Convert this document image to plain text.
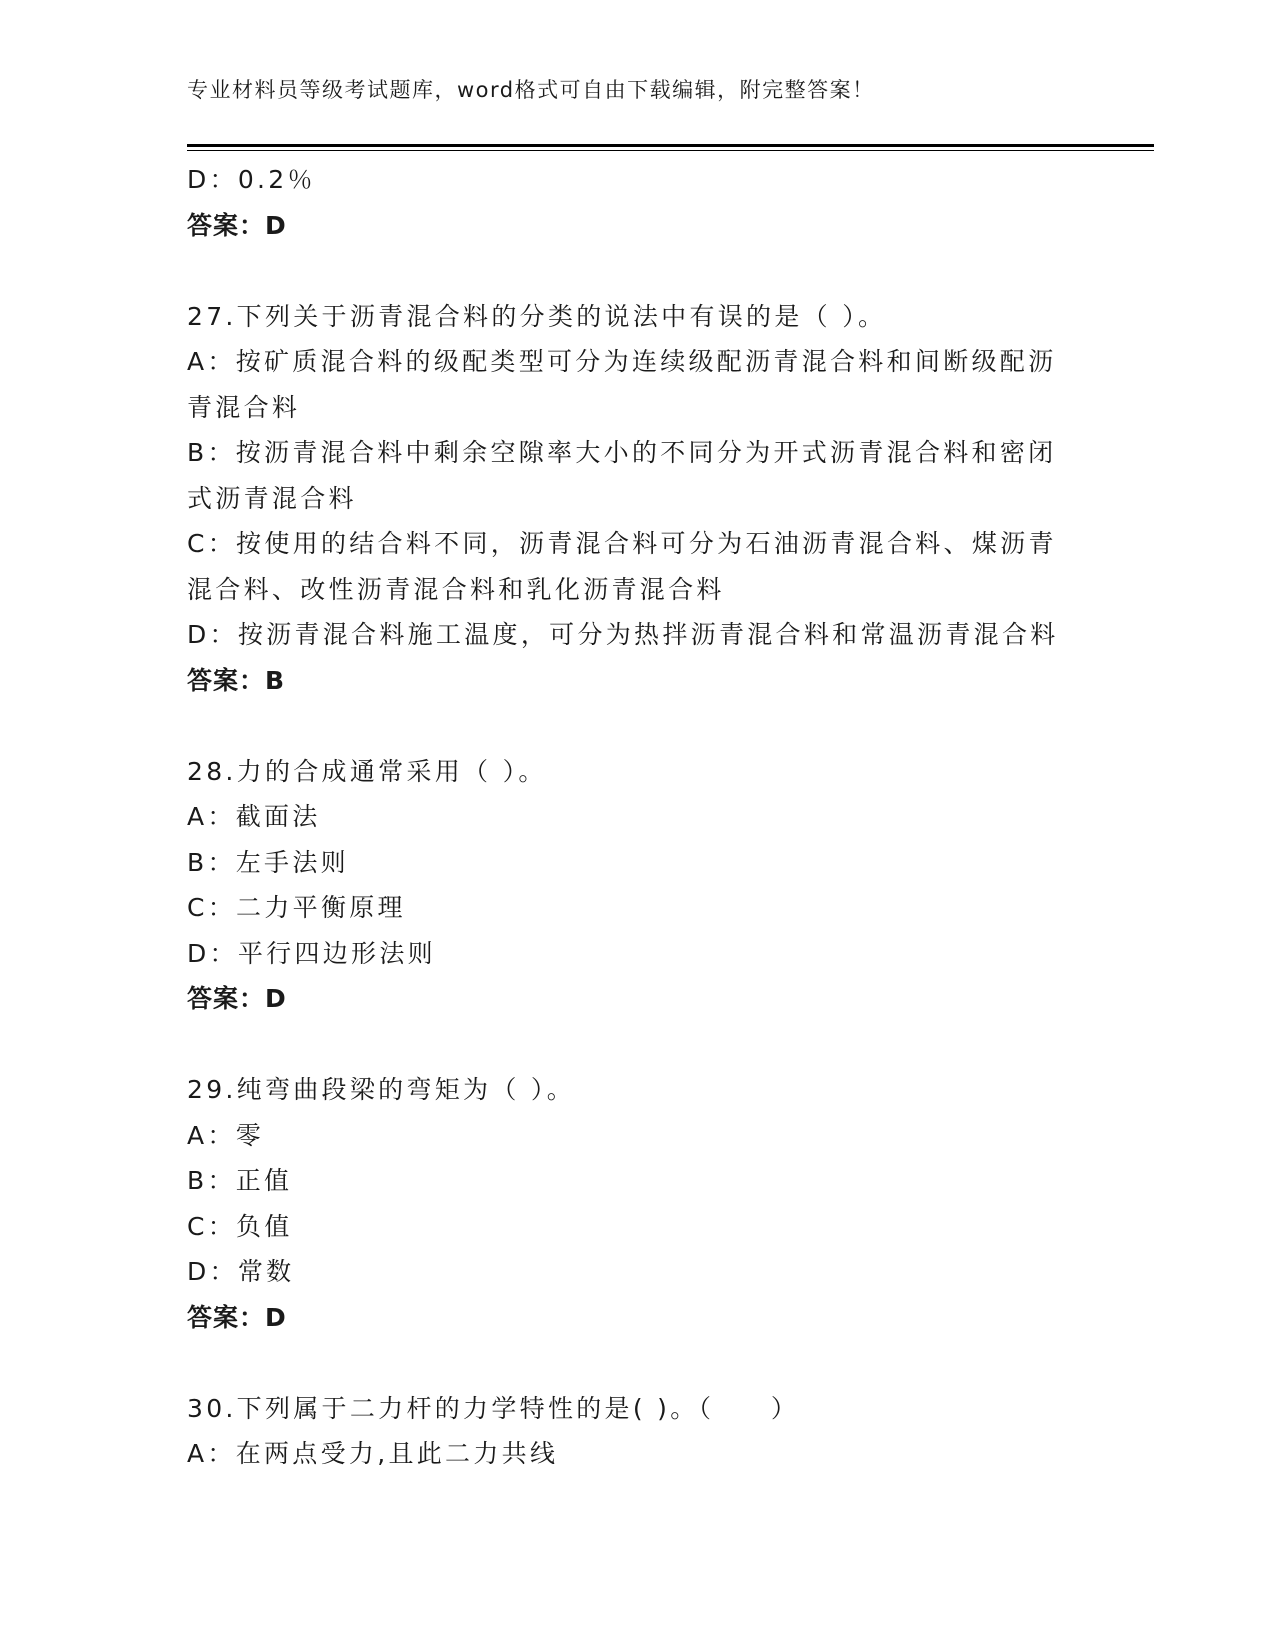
专业材料员等级考试题库，word格式可自由下载编辑，附完整答案！
D：0.2％
答案：D
27.下列关于沥青混合料的分类的说法中有误的是（ ）。
A：按矿质混合料的级配类型可分为连续级配沥青混合料和间断级配沥
青混合料
B：按沥青混合料中剩余空隙率大小的不同分为开式沥青混合料和密闭
式沥青混合料
C：按使用的结合料不同，沥青混合料可分为石油沥青混合料、煤沥青
混合料、改性沥青混合料和乳化沥青混合料
D：按沥青混合料施工温度，可分为热拌沥青混合料和常温沥青混合料
答案：B
28.力的合成通常采用（ ）。
A：截面法
B：左手法则
C：二力平衡原理
D：平行四边形法则
答案：D
29.纯弯曲段梁的弯矩为（ ）。
A：零
B：正值
C：负值
D：常数
答案：D
30.下列属于二力杆的力学特性的是( )。（　　）
A：在两点受力,且此二力共线
